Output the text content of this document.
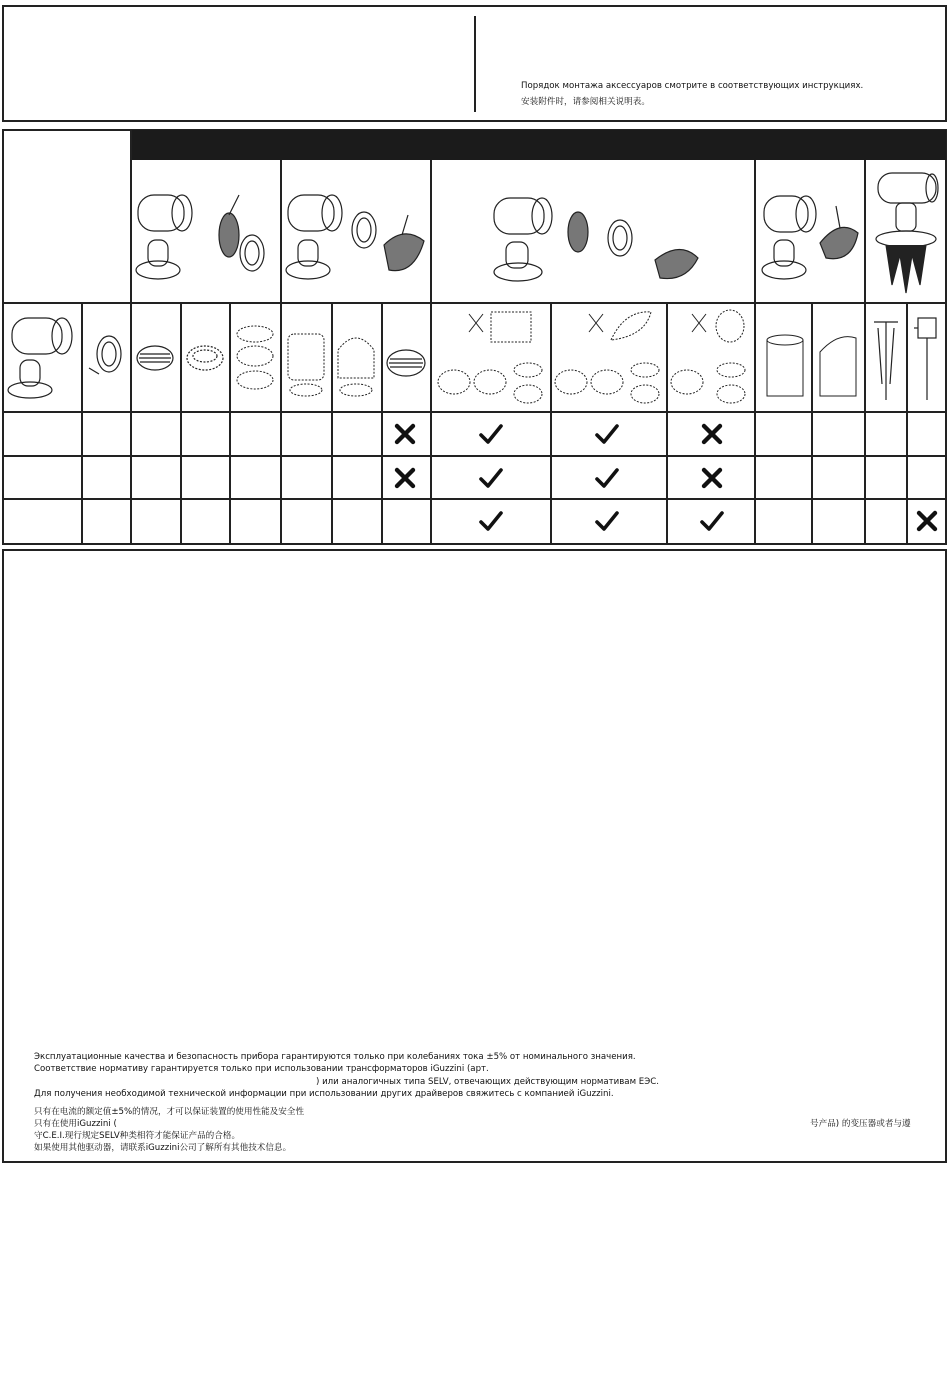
Порядок монтажа аксессуаров смотрите в соответствующих инструкциях.
安装附件时，请参阅相关说明表。
Эксплуатационные качества и безопасность прибора гарантируются только при колебаниях тока ±5% от номинального значения.
Соответствие нормативу гарантируется только при использовании трансформаторов iGuzzini (арт.
) или аналогичных типа SELV, отвечающих действующим нормативам ЕЭС.
Для получения необходимой технической информации при использовании других драйверов свяжитесь с компанией iGuzzini.
只有在电流的额定值±5%的情况，才可以保证装置的使用性能及安全性
只有在使用iGuzzini (	号产品) 的变压器或者与遵
守C.E.I.现行规定SELV种类相符才能保证产品的合格。
如果使用其他驱动器，请联系iGuzzini公司了解所有其他技术信息。
